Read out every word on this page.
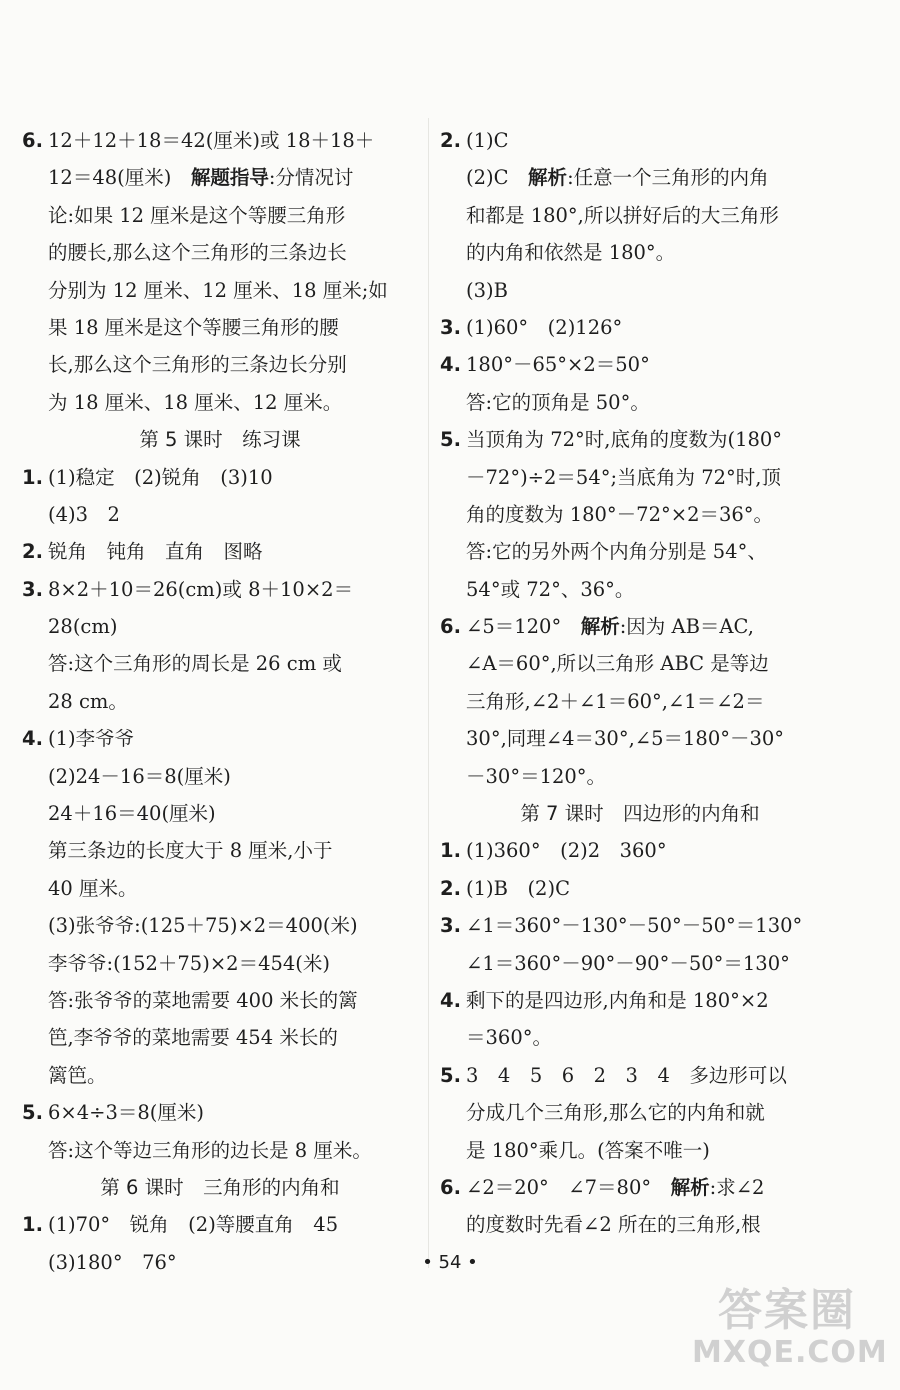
6. 12＋12＋18＝42(厘米)或 18＋18＋
12＝48(厘米)　解题指导:分情况讨
论:如果 12 厘米是这个等腰三角形
的腰长,那么这个三角形的三条边长
分别为 12 厘米、12 厘米、18 厘米;如
果 18 厘米是这个等腰三角形的腰
长,那么这个三角形的三条边长分别
为 18 厘米、18 厘米、12 厘米。
第 5 课时　练习课
1. (1)稳定　(2)锐角　(3)10
(4)3　2
2. 锐角　钝角　直角　图略
3. 8×2＋10＝26(cm)或 8＋10×2＝
28(cm)
答:这个三角形的周长是 26 cm 或
28 cm。
4. (1)李爷爷
(2)24－16＝8(厘米)
24＋16＝40(厘米)
第三条边的长度大于 8 厘米,小于
40 厘米。
(3)张爷爷:(125＋75)×2＝400(米)
李爷爷:(152＋75)×2＝454(米)
答:张爷爷的菜地需要 400 米长的篱
笆,李爷爷的菜地需要 454 米长的
篱笆。
5. 6×4÷3＝8(厘米)
答:这个等边三角形的边长是 8 厘米。
第 6 课时　三角形的内角和
1. (1)70°　锐角　(2)等腰直角　45
(3)180°　76°
2. (1)C
(2)C　解析:任意一个三角形的内角
和都是 180°,所以拼好后的大三角形
的内角和依然是 180°。
(3)B
3. (1)60°　(2)126°
4. 180°－65°×2＝50°
答:它的顶角是 50°。
5. 当顶角为 72°时,底角的度数为(180°
－72°)÷2＝54°;当底角为 72°时,顶
角的度数为 180°－72°×2＝36°。
答:它的另外两个内角分别是 54°、
54°或 72°、36°。
6. ∠5＝120°　解析:因为 AB＝AC,
∠A＝60°,所以三角形 ABC 是等边
三角形,∠2＋∠1＝60°,∠1＝∠2＝
30°,同理∠4＝30°,∠5＝180°－30°
－30°＝120°。
第 7 课时　四边形的内角和
1. (1)360°　(2)2　360°
2. (1)B　(2)C
3. ∠1＝360°－130°－50°－50°＝130°
∠1＝360°－90°－90°－50°＝130°
4. 剩下的是四边形,内角和是 180°×2
＝360°。
5. 3　4　5　6　2　3　4　多边形可以
分成几个三角形,那么它的内角和就
是 180°乘几。(答案不唯一)
6. ∠2＝20°　∠7＝80°　解析:求∠2
的度数时先看∠2 所在的三角形,根
• 54 •
答案圈
MXQE.COM
